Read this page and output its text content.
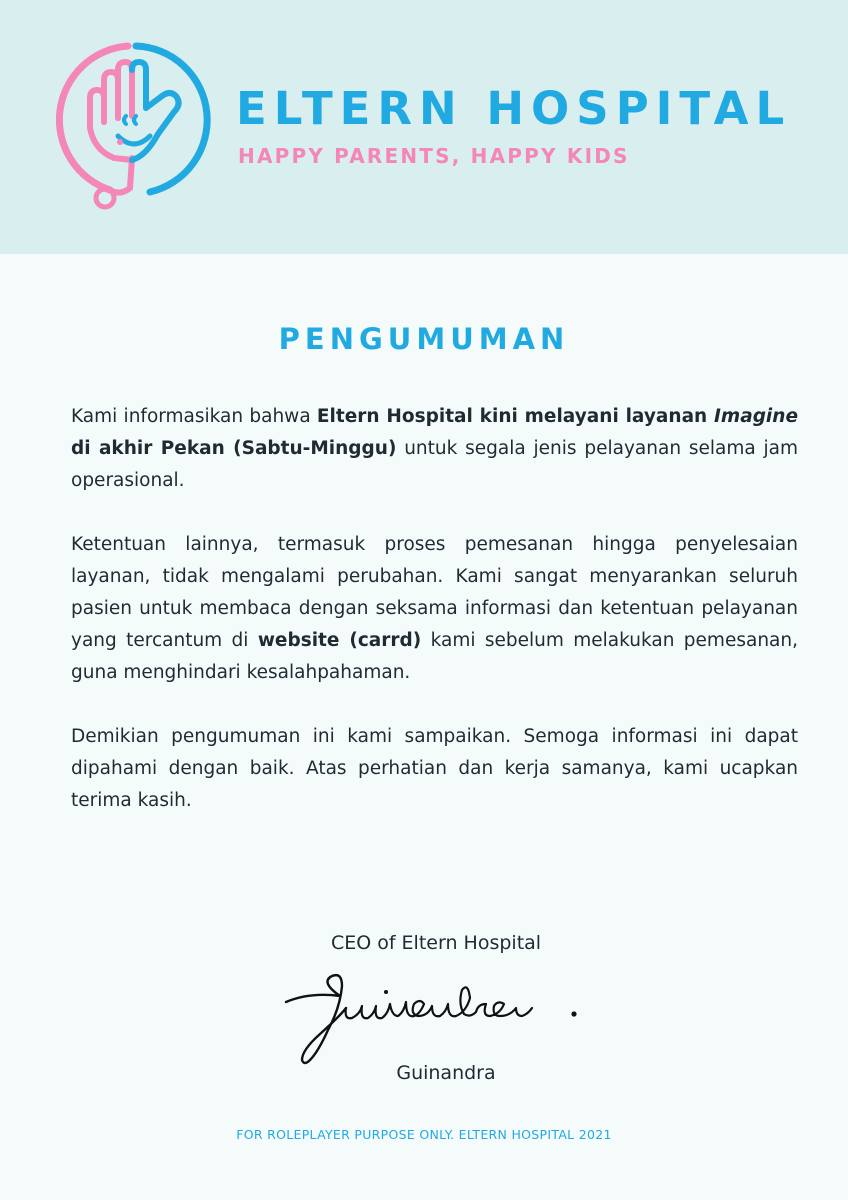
ELTERN HOSPITAL
HAPPY PARENTS, HAPPY KIDS
PENGUMUMAN

Kami informasikan bahwa Eltern Hospital kini melayani layanan Imagine di akhir Pekan (Sabtu-Minggu) untuk segala jenis pelayanan selama jam operasional.

Ketentuan lainnya, termasuk proses pemesanan hingga penyelesaian layanan, tidak mengalami perubahan. Kami sangat menyarankan seluruh pasien untuk membaca dengan seksama informasi dan ketentuan pelayanan yang tercantum di website (carrd) kami sebelum melakukan pemesanan, guna menghindari kesalahpahaman.

Demikian pengumuman ini kami sampaikan. Semoga informasi ini dapat dipahami dengan baik. Atas perhatian dan kerja samanya, kami ucapkan terima kasih.

CEO of Eltern Hospital
Guinandra
FOR ROLEPLAYER PURPOSE ONLY. ELTERN HOSPITAL 2021
